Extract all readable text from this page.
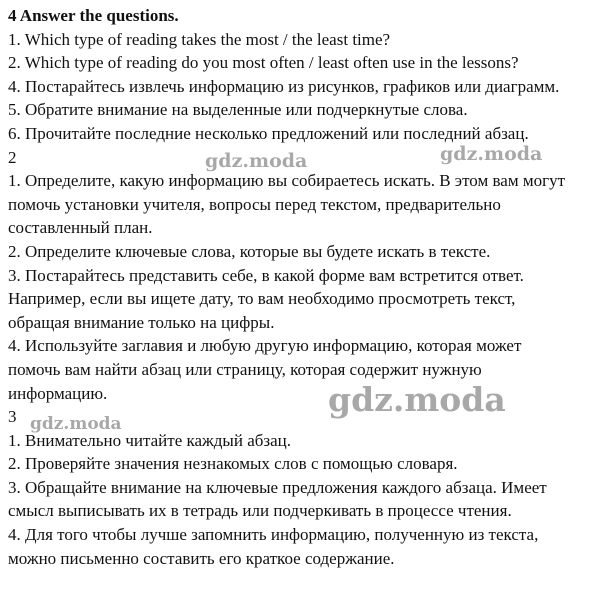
4 Answer the questions.
1. Which type of reading takes the most / the least time?
2. Which type of reading do you most often / least often use in the lessons?
4. Постарайтесь извлечь информацию из рисунков, графиков или диаграмм.
5. Обратите внимание на выделенные или подчеркнутые слова.
6. Прочитайте последние несколько предложений или последний абзац.
2
1. Определите, какую информацию вы собираетесь искать. В этом вам могут
помочь установки учителя, вопросы перед текстом, предварительно
составленный план.
2. Определите ключевые слова, которые вы будете искать в тексте.
3. Постарайтесь представить себе, в какой форме вам встретится ответ.
Например, если вы ищете дату, то вам необходимо просмотреть текст,
обращая внимание только на цифры.
4. Используйте заглавия и любую другую информацию, которая может
помочь вам найти абзац или страницу, которая содержит нужную
информацию.
3
1. Внимательно читайте каждый абзац.
2. Проверяйте значения незнакомых слов с помощью словаря.
3. Обращайте внимание на ключевые предложения каждого абзаца. Имеет
смысл выписывать их в тетрадь или подчеркивать в процессе чтения.
4. Для того чтобы лучше запомнить информацию, полученную из текста,
можно письменно составить его краткое содержание.
gdz.moda	gdz.moda
gdz.moda
gdz.moda
